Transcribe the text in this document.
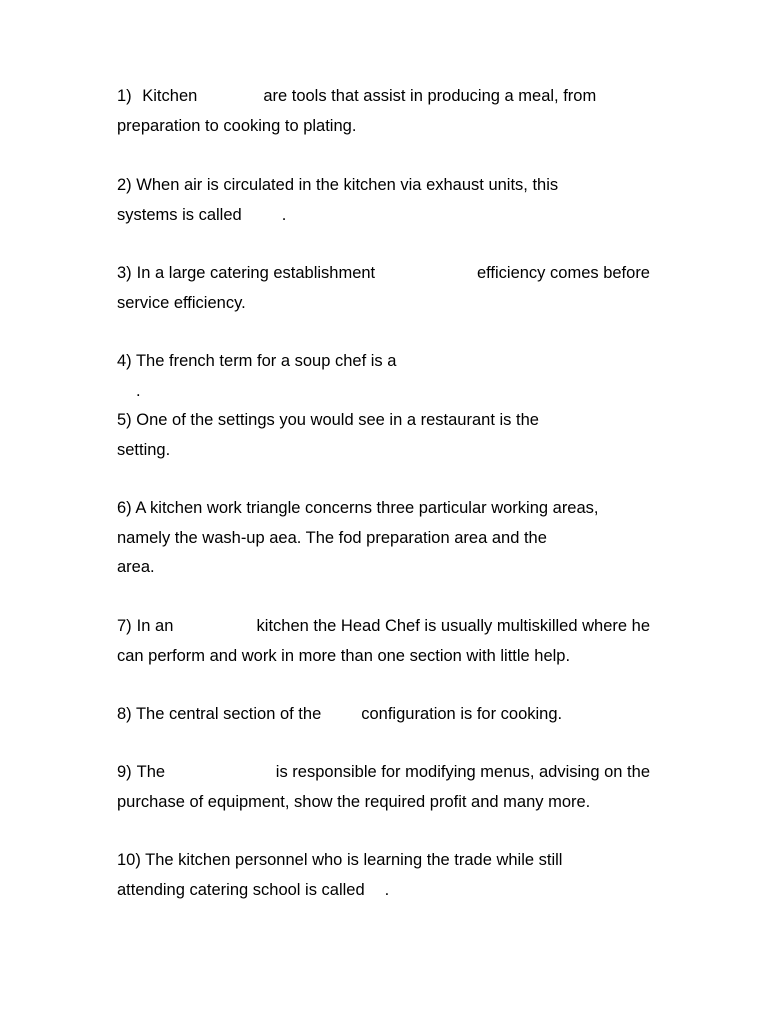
1) Kitchen	are tools that assist in producing a meal, from
preparation to cooking to plating.
2) When air is circulated in the kitchen via exhaust units, this
systems is called .
3) In a large catering establishment	efficiency comes before
service efficiency.
4) The french term for a soup chef is a
.
5) One of the settings you would see in a restaurant is the
setting.
6) A kitchen work triangle concerns three particular working areas,
namely the wash-up aea. The fod preparation area and the
area.
7) In an	kitchen the Head Chef is usually multiskilled where he
can perform and work in more than one section with little help.
8) The central section of the configuration is for cooking.
9) The	is responsible for modifying menus, advising on the
purchase of equipment, show the required profit and many more.
10) The kitchen personnel who is learning the trade while still
attending catering school is called .
